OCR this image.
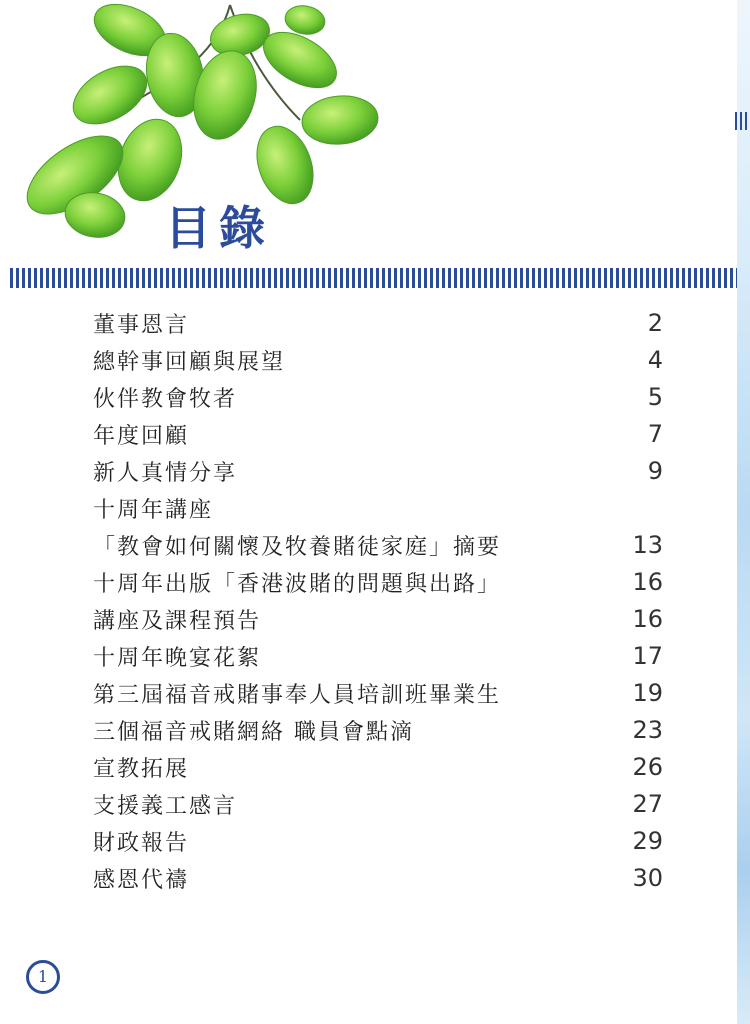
目錄
董事恩言	2
總幹事回顧與展望	4
伙伴教會牧者	5
年度回顧	7
新人真情分享	9
十周年講座
「教會如何關懷及牧養賭徒家庭」摘要	13
十周年出版「香港波賭的問題與出路」	16
講座及課程預告	16
十周年晚宴花絮	17
第三屆福音戒賭事奉人員培訓班畢業生	19
三個福音戒賭網絡 職員會點滴	23
宣教拓展	26
支援義工感言	27
財政報告	29
感恩代禱	30
1
